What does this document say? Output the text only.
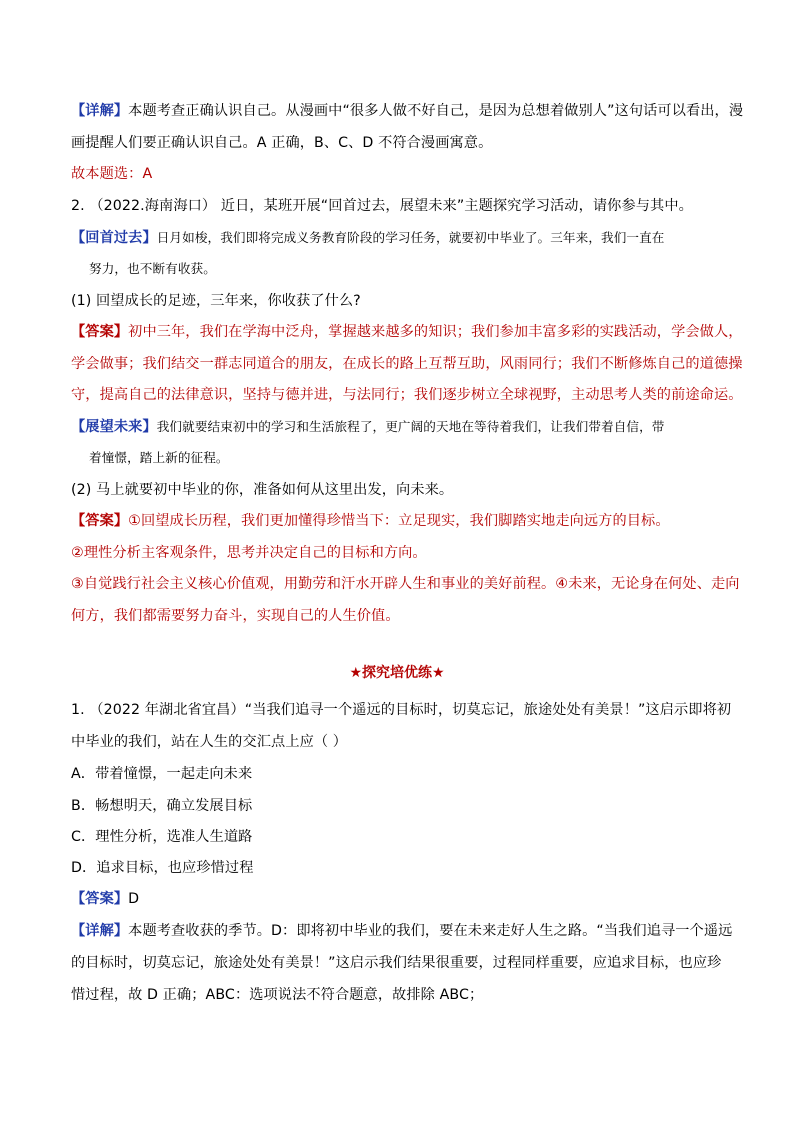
【详解】本题考查正确认识自己。从漫画中“很多人做不好自己，是因为总想着做别人”这句话可以看出，漫
画提醒人们要正确认识自己。A 正确，B、C、D 不符合漫画寓意。
故本题选：A
2. （2022.海南海口） 近日，某班开展“回首过去，展望未来”主题探究学习活动，请你参与其中。
【回首过去】日月如梭，我们即将完成义务教育阶段的学习任务，就要初中毕业了。三年来，我们一直在
努力，也不断有收获。
(1) 回望成长的足迹，三年来，你收获了什么?
【答案】初中三年，我们在学海中泛舟，掌握越来越多的知识；我们参加丰富多彩的实践活动，学会做人，
学会做事；我们结交一群志同道合的朋友，在成长的路上互帮互助，风雨同行；我们不断修炼自己的道德操
守，提高自己的法律意识，坚持与德并进，与法同行；我们逐步树立全球视野，主动思考人类的前途命运。
【展望未来】我们就要结束初中的学习和生活旅程了，更广阔的天地在等待着我们，让我们带着自信，带
着憧憬，踏上新的征程。
(2) 马上就要初中毕业的你，准备如何从这里出发，向未来。
【答案】①回望成长历程，我们更加懂得珍惜当下：立足现实，我们脚踏实地走向远方的目标。
②理性分析主客观条件，思考并决定自己的目标和方向。
③自觉践行社会主义核心价值观，用勤劳和汗水开辟人生和事业的美好前程。④未来，无论身在何处、走向
何方，我们都需要努力奋斗，实现自己的人生价值。
★探究培优练★
1. （2022 年湖北省宜昌）“当我们追寻一个遥远的目标时，切莫忘记，旅途处处有美景！”这启示即将初
中毕业的我们，站在人生的交汇点上应（ ）
A．带着憧憬，一起走向未来
B．畅想明天，确立发展目标
C．理性分析，选准人生道路
D．追求目标，也应珍惜过程
【答案】D
【详解】本题考查收获的季节。D：即将初中毕业的我们，要在未来走好人生之路。“当我们追寻一个遥远
的目标时，切莫忘记，旅途处处有美景！”这启示我们结果很重要，过程同样重要，应追求目标，也应珍
惜过程，故 D 正确；ABC：选项说法不符合题意，故排除 ABC；
